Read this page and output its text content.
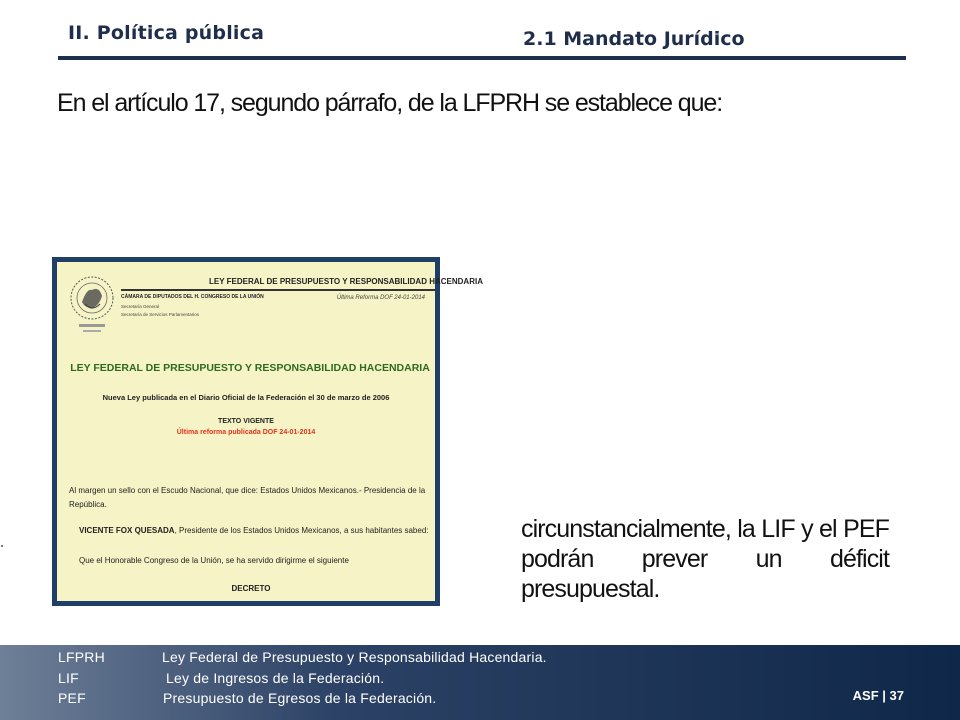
II. Política pública	2.1 Mandato Jurídico
En el artículo 17, segundo párrafo, de la LFPRH se establece que:
LEY FEDERAL DE PRESUPUESTO Y RESPONSABILIDAD HACENDARIA
CÁMARA DE DIPUTADOS DEL H. CONGRESO DE LA UNIÓN	Última Reforma DOF 24-01-2014
Secretaría General
Secretaría de Servicios Parlamentarios
LEY FEDERAL DE PRESUPUESTO Y RESPONSABILIDAD HACENDARIA
Nueva Ley publicada en el Diario Oficial de la Federación el 30 de marzo de 2006
TEXTO VIGENTE
Última reforma publicada DOF 24-01-2014
Al margen un sello con el Escudo Nacional, que dice: Estados Unidos Mexicanos.- Presidencia de la República.
VICENTE FOX QUESADA, Presidente de los Estados Unidos Mexicanos, a sus habitantes sabed:
Que el Honorable Congreso de la Unión, se ha servido dirigirme el siguiente
DECRETO
circunstancialmente, la LIF y el PEF podrán prever un déficit presupuestal.
LFPRH	Ley Federal de Presupuesto y Responsabilidad Hacendaria.
LIF	Ley de Ingresos de la Federación.
PEF	Presupuesto de Egresos de la Federación.	ASF | 37
